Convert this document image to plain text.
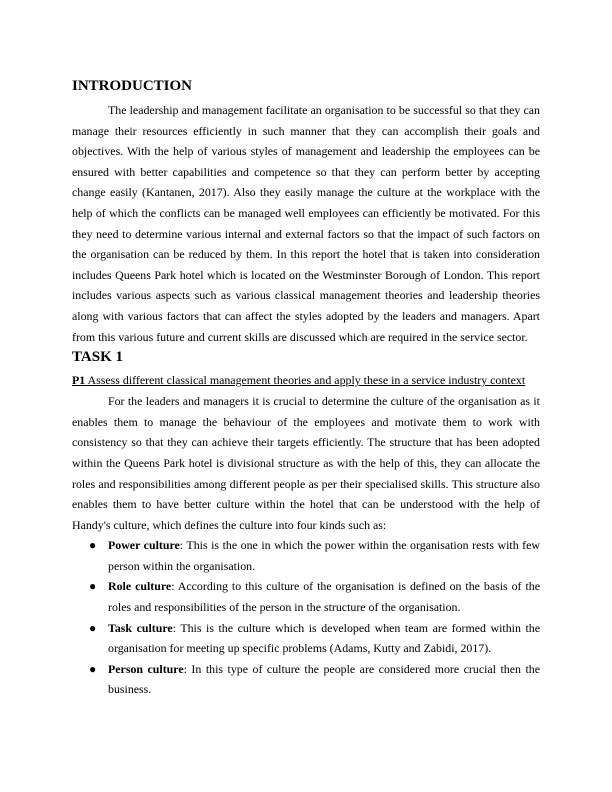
INTRODUCTION

The leadership and management facilitate an organisation to be successful so that they can manage their resources efficiently in such manner that they can accomplish their goals and objectives. With the help of various styles of management and leadership the employees can be ensured with better capabilities and competence so that they can perform better by accepting change easily (Kantanen, 2017). Also they easily manage the culture at the workplace with the help of which the conflicts can be managed well employees can efficiently be motivated. For this they need to determine various internal and external factors so that the impact of such factors on the organisation can be reduced by them. In this report the hotel that is taken into consideration includes Queens Park hotel which is located on the Westminster Borough of London. This report includes various aspects such as various classical management theories and leadership theories along with various factors that can affect the styles adopted by the leaders and managers. Apart from this various future and current skills are discussed which are required in the service sector.

TASK 1
P1 Assess different classical management theories and apply these in a service industry context

For the leaders and managers it is crucial to determine the culture of the organisation as it enables them to manage the behaviour of the employees and motivate them to work with consistency so that they can achieve their targets efficiently. The structure that has been adopted within the Queens Park hotel is divisional structure as with the help of this, they can allocate the roles and responsibilities among different people as per their specialised skills. This structure also enables them to have better culture within the hotel that can be understood with the help of Handy's culture, which defines the culture into four kinds such as:

● Power culture: This is the one in which the power within the organisation rests with few person within the organisation.
● Role culture: According to this culture of the organisation is defined on the basis of the roles and responsibilities of the person in the structure of the organisation.
● Task culture: This is the culture which is developed when team are formed within the organisation for meeting up specific problems (Adams, Kutty and Zabidi, 2017).
● Person culture: In this type of culture the people are considered more crucial then the business.
